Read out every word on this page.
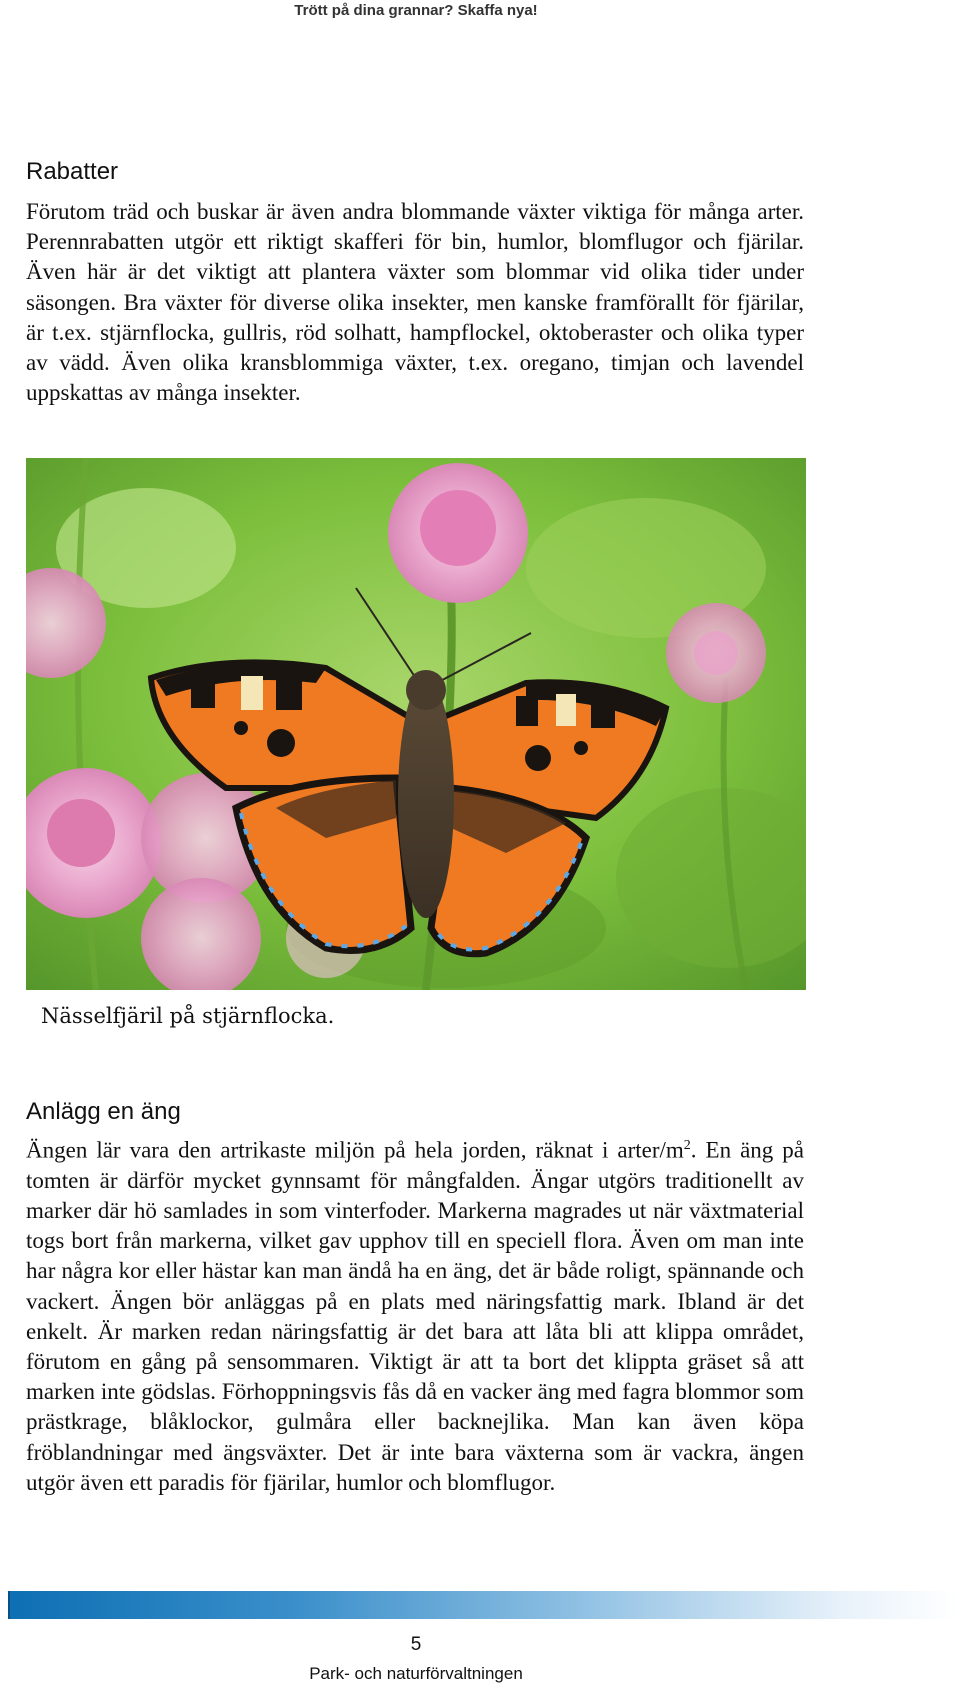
Trött på dina grannar? Skaffa nya!
Rabatter

Förutom träd och buskar är även andra blommande växter viktiga för många arter. Perennrabatten utgör ett riktigt skafferi för bin, humlor, blomflugor och fjärilar. Även här är det viktigt att plantera växter som blommar vid olika tider under säsongen. Bra växter för diverse olika insekter, men kanske framförallt för fjärilar, är t.ex. stjärnflocka, gullris, röd solhatt, hampflockel, oktoberaster och olika typer av vädd. Även olika kransblommiga växter, t.ex. oregano, timjan och lavendel uppskattas av många insekter.

Nässelfjäril på stjärnflocka.
Anlägg en äng

Ängen lär vara den artrikaste miljön på hela jorden, räknat i arter/$m^2$. En äng på tomten är därför mycket gynnsamt för mångfalden. Ängar utgörs traditionellt av marker där hö samlades in som vinterfoder. Markerna magrades ut när växtmaterial togs bort från markerna, vilket gav upphov till en speciell flora. Även om man inte har några kor eller hästar kan man ändå ha en äng, det är både roligt, spännande och vackert. Ängen bör anläggas på en plats med näringsfattig mark. Ibland är det enkelt. Är marken redan näringsfattig är det bara att låta bli att klippa området, förutom en gång på sensommaren. Viktigt är att ta bort det klippta gräset så att marken inte gödslas. Förhoppningsvis fås då en vacker äng med fagra blommor som prästkrage, blåklockor, gulmåra eller backnejlika. Man kan även köpa fröblandningar med ängsväxter. Det är inte bara växterna som är vackra, ängen utgör även ett paradis för fjärilar, humlor och blomflugor.

5
Park- och naturförvaltningen
